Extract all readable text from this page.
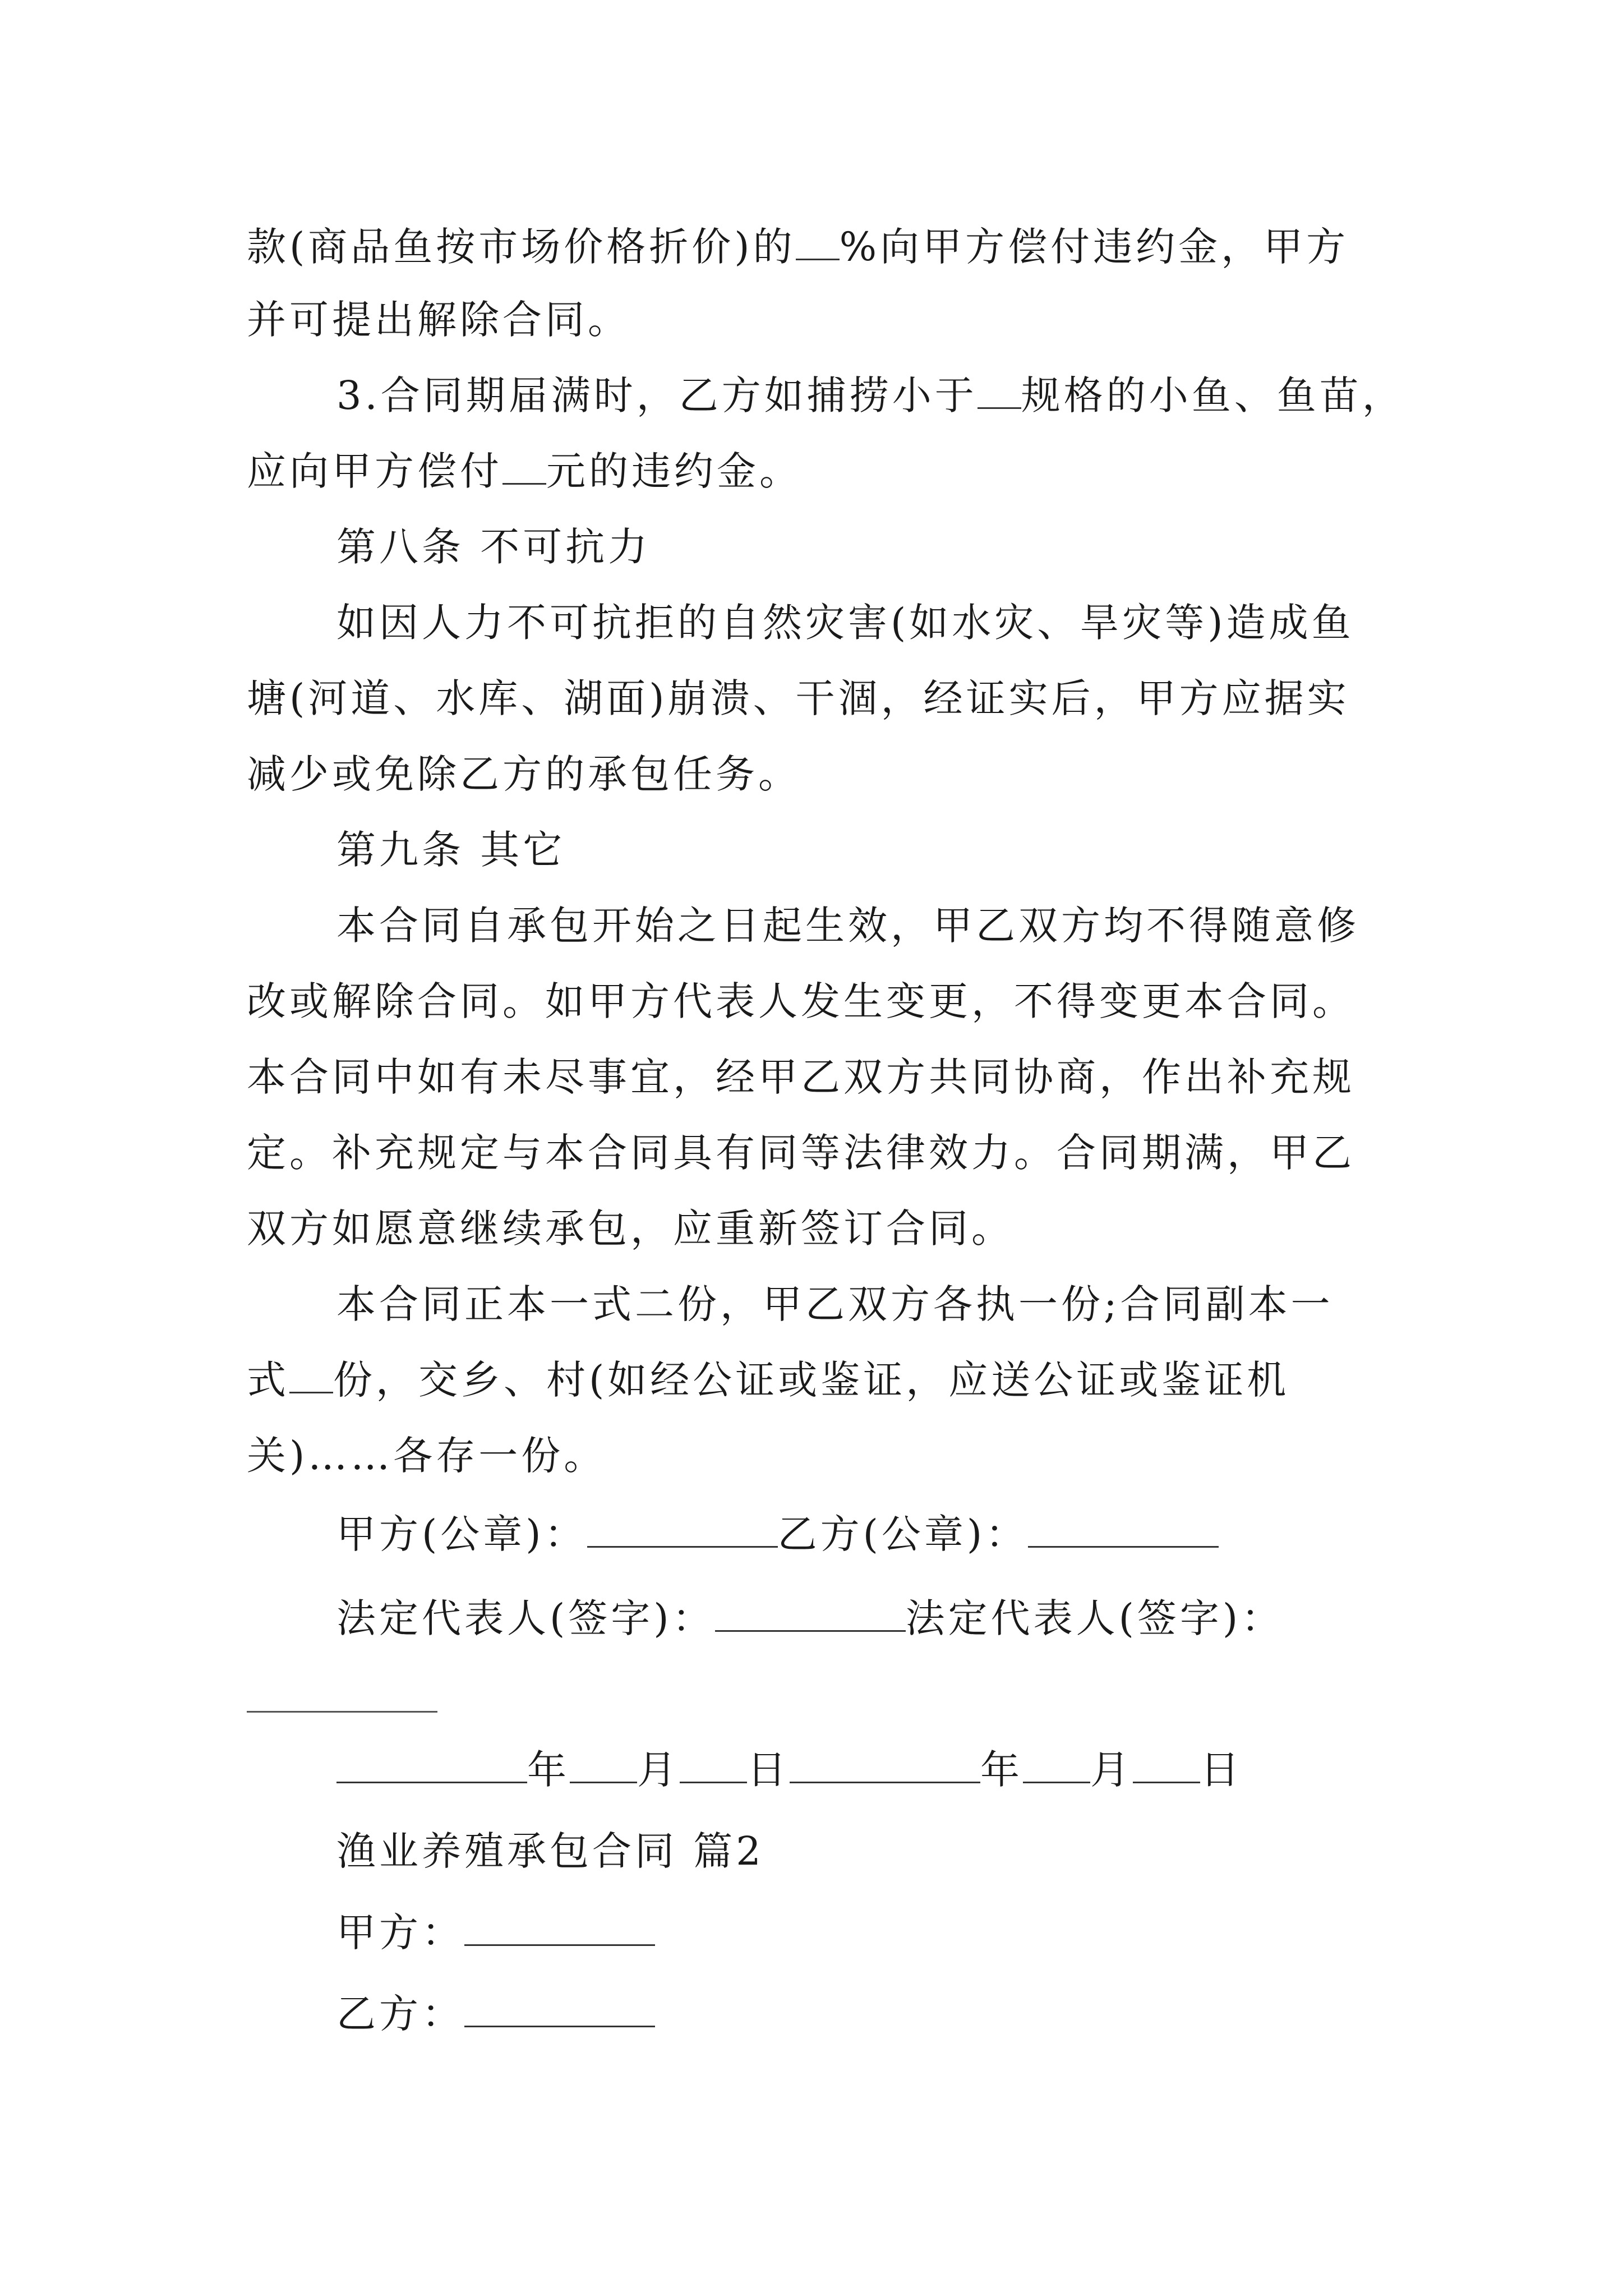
款(商品鱼按市场价格折价)的 %向甲方偿付违约金，甲方
并可提出解除合同。
3.合同期届满时，乙方如捕捞小于 规格的小鱼、鱼苗，
应向甲方偿付 元的违约金。
第八条 不可抗力
如因人力不可抗拒的自然灾害(如水灾、旱灾等)造成鱼
塘(河道、水库、湖面)崩溃、干涸，经证实后，甲方应据实
减少或免除乙方的承包任务。
第九条 其它
本合同自承包开始之日起生效，甲乙双方均不得随意修
改或解除合同。如甲方代表人发生变更，不得变更本合同。
本合同中如有未尽事宜，经甲乙双方共同协商，作出补充规
定。补充规定与本合同具有同等法律效力。合同期满，甲乙
双方如愿意继续承包，应重新签订合同。
本合同正本一式二份，甲乙双方各执一份;合同副本一
式 份，交乡、村(如经公证或鉴证，应送公证或鉴证机
关)……各存一份。
甲方(公章)：	乙方(公章)：
法定代表人(签字)：	法定代表人(签字)：
年 月 日	年 月 日
渔业养殖承包合同 篇2
甲方：
乙方：
